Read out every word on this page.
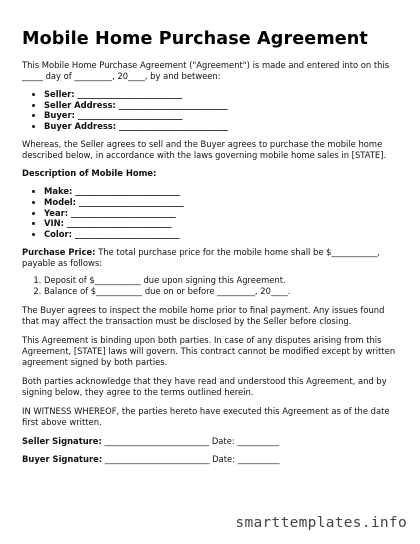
Mobile Home Purchase Agreement

This Mobile Home Purchase Agreement ("Agreement") is made and entered into on this _____ day of _________, 20____, by and between:

• Seller: _________________________
• Seller Address: __________________________
• Buyer: _________________________
• Buyer Address: __________________________

Whereas, the Seller agrees to sell and the Buyer agrees to purchase the mobile home described below, in accordance with the laws governing mobile home sales in [STATE].

Description of Mobile Home:

• Make: _________________________
• Model: _________________________
• Year: _________________________
• VIN: _________________________
• Color: _________________________

Purchase Price: The total purchase price for the mobile home shall be $___________, payable as follows:

1. Deposit of $___________ due upon signing this Agreement.
2. Balance of $___________ due on or before _________, 20____.

The Buyer agrees to inspect the mobile home prior to final payment. Any issues found that may affect the transaction must be disclosed by the Seller before closing.

This Agreement is binding upon both parties. In case of any disputes arising from this Agreement, [STATE] laws will govern. This contract cannot be modified except by written agreement signed by both parties.

Both parties acknowledge that they have read and understood this Agreement, and by signing below, they agree to the terms outlined herein.

IN WITNESS WHEREOF, the parties hereto have executed this Agreement as of the date first above written.

Seller Signature: _________________________ Date: __________
Buyer Signature: _________________________ Date: __________
smarttemplates.info
